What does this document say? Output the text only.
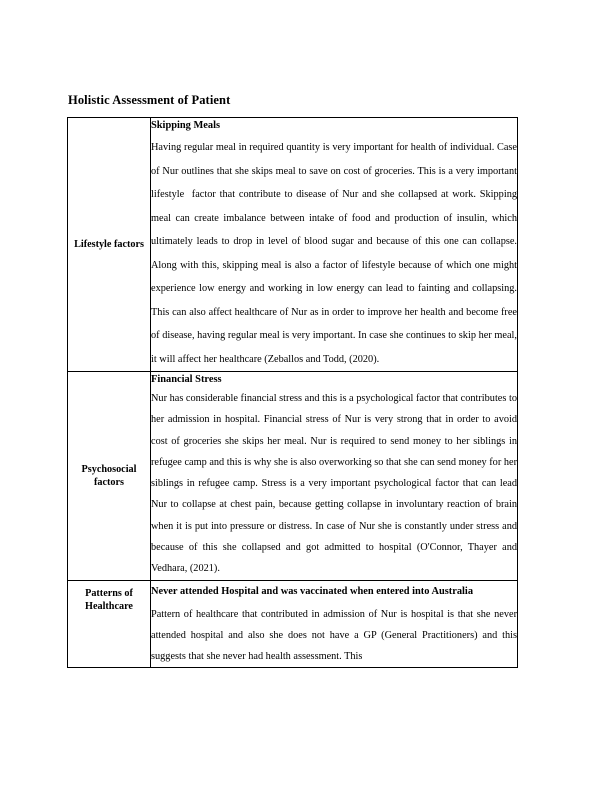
Holistic Assessment of Patient
Lifestyle factors	Skipping Meals

Having regular meal in required quantity is very important for health of individual. Case of Nur outlines that she skips meal to save on cost of groceries. This is a very important lifestyle  factor that contribute to disease of Nur and she collapsed at work. Skipping meal can create imbalance between intake of food and production of insulin, which ultimately leads to drop in level of blood sugar and because of this one can collapse. Along with this, skipping meal is also a factor of lifestyle because of which one might experience low energy and working in low energy can lead to fainting and collapsing. This can also affect healthcare of Nur as in order to improve her health and become free of disease, having regular meal is very important. In case she continues to skip her meal, it will affect her healthcare (Zeballos and Todd, (2020).

Psychosocial factors	Financial Stress

Nur has considerable financial stress and this is a psychological factor that contributes to her admission in hospital. Financial stress of Nur is very strong that in order to avoid cost of groceries she skips her meal. Nur is required to send money to her siblings in refugee camp and this is why she is also overworking so that she can send money for her siblings in refugee camp. Stress is a very important psychological factor that can lead Nur to collapse at chest pain, because getting collapse in involuntary reaction of brain when it is put into pressure or distress. In case of Nur she is constantly under stress and because of this she collapsed and got admitted to hospital (O'Connor, Thayer and Vedhara, (2021).

Patterns of Healthcare	Never attended Hospital and was vaccinated when entered into Australia

Pattern of healthcare that contributed in admission of Nur is hospital is that she never attended hospital and also she does not have a GP (General Practitioners) and this suggests that she never had health assessment. This
